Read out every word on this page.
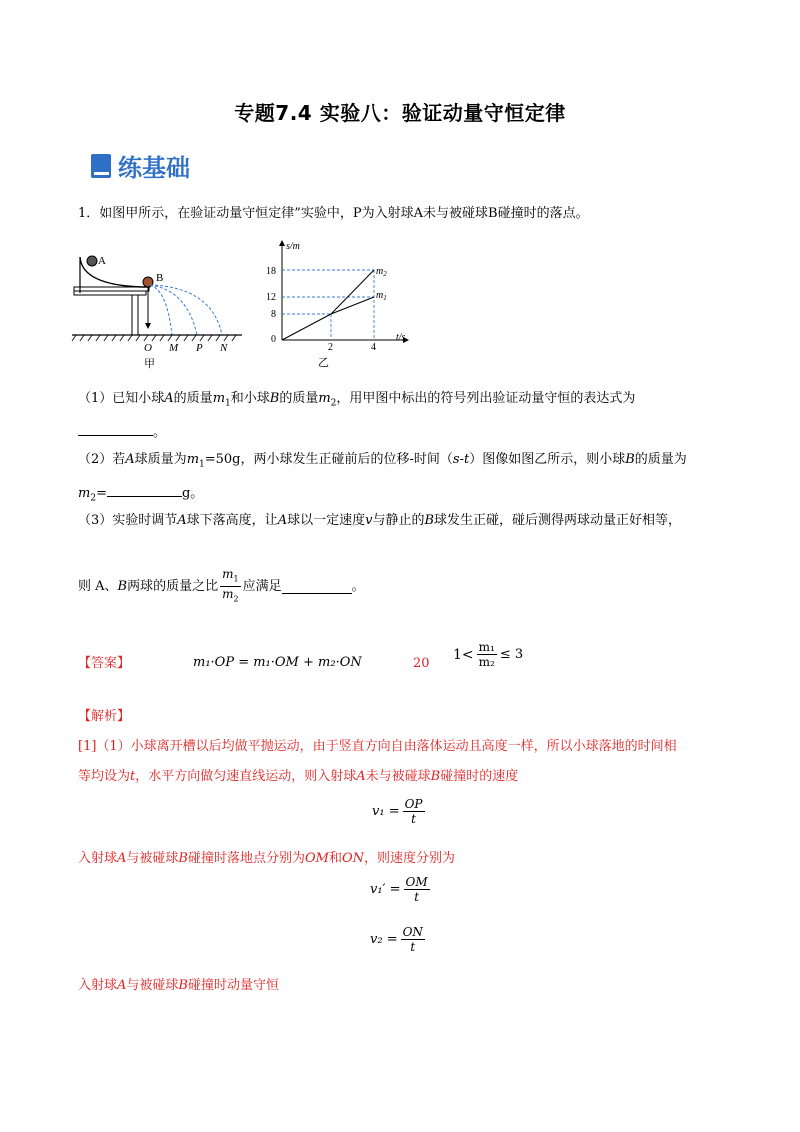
专题7.4 实验八：验证动量守恒定律
练基础
1．如图甲所示，在验证动量守恒定律”实验中，P为入射球A未与被碰球B碰撞时的落点。
A
B
O M P N
甲
s/m
t/s
18
12
8
0
2	4
$m_2$
$m_1$
乙
（1）已知小球A的质量$m_1$和小球B的质量$m_2$，用甲图中标出的符号列出验证动量守恒的表达式为
。
（2）若A球质量为$m_1=50g$，两小球发生正碰前后的位移-时间（s-t）图像如图乙所示，则小球B的质量为
$m_2=$	g。
（3）实验时调节A球下落高度，让A球以一定速度v与静止的B球发生正碰，碰后测得两球动量正好相等，
则 A、 B 两球的质量之比 $\frac{m_1}{m_2}$ 应满足	。
【答案】	m₁·OP = m₁·OM + m₂·ON	20
$1< \frac{\text{m₁}}{\text{m₂}} \le 3$
【解析】
[1]（1）小球离开槽以后均做平抛运动，由于竖直方向自由落体运动且高度一样，所以小球落地的时间相
等均设为t，水平方向做匀速直线运动，则入射球A未与被碰球B碰撞时的速度
$v_1 = \frac{OP}{t}$
入射球A与被碰球B碰撞时落地点分别为OM和ON，则速度分别为
$v_1' = \frac{OM}{t}$
$v_2 = \frac{ON}{t}$
入射球A与被碰球B碰撞时动量守恒
